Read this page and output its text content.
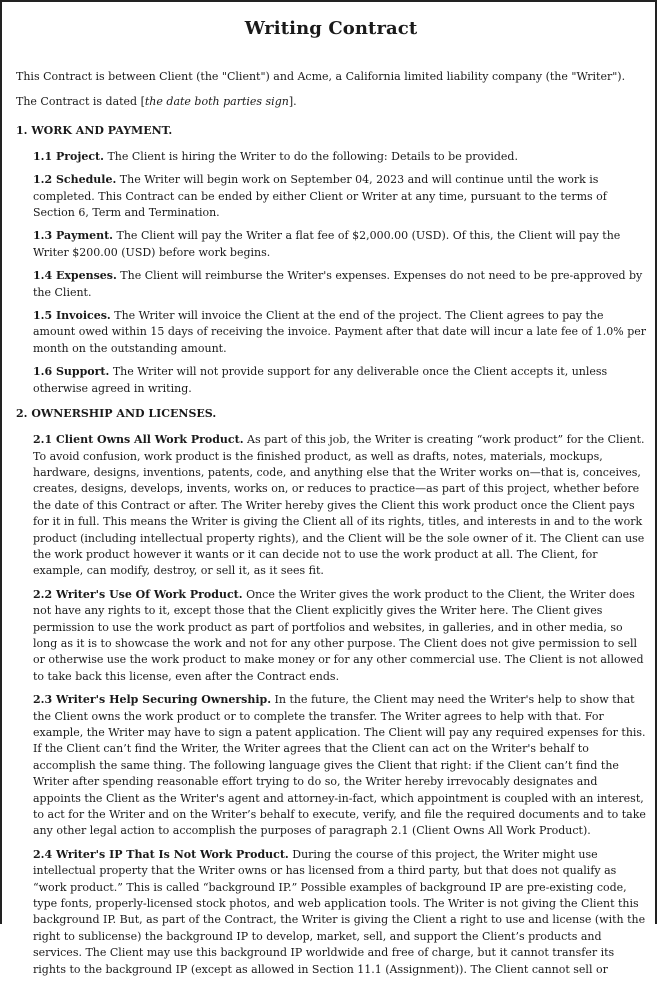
Writing Contract

This Contract is between Client (the "Client") and Acme, a California limited liability company (the "Writer").

The Contract is dated [the date both parties sign].

1. WORK AND PAYMENT.

1.1 Project. The Client is hiring the Writer to do the following: Details to be provided.

1.2 Schedule. The Writer will begin work on September 04, 2023 and will continue until the work is completed. This Contract can be ended by either Client or Writer at any time, pursuant to the terms of Section 6, Term and Termination.

1.3 Payment. The Client will pay the Writer a flat fee of $2,000.00 (USD). Of this, the Client will pay the Writer $200.00 (USD) before work begins.

1.4 Expenses. The Client will reimburse the Writer's expenses. Expenses do not need to be pre-approved by the Client.

1.5 Invoices. The Writer will invoice the Client at the end of the project. The Client agrees to pay the amount owed within 15 days of receiving the invoice. Payment after that date will incur a late fee of 1.0% per month on the outstanding amount.

1.6 Support. The Writer will not provide support for any deliverable once the Client accepts it, unless otherwise agreed in writing.

2. OWNERSHIP AND LICENSES.

2.1 Client Owns All Work Product. As part of this job, the Writer is creating “work product” for the Client. To avoid confusion, work product is the finished product, as well as drafts, notes, materials, mockups, hardware, designs, inventions, patents, code, and anything else that the Writer works on—that is, conceives, creates, designs, develops, invents, works on, or reduces to practice—as part of this project, whether before the date of this Contract or after. The Writer hereby gives the Client this work product once the Client pays for it in full. This means the Writer is giving the Client all of its rights, titles, and interests in and to the work product (including intellectual property rights), and the Client will be the sole owner of it. The Client can use the work product however it wants or it can decide not to use the work product at all. The Client, for example, can modify, destroy, or sell it, as it sees fit.

2.2 Writer's Use Of Work Product. Once the Writer gives the work product to the Client, the Writer does not have any rights to it, except those that the Client explicitly gives the Writer here. The Client gives permission to use the work product as part of portfolios and websites, in galleries, and in other media, so long as it is to showcase the work and not for any other purpose. The Client does not give permission to sell or otherwise use the work product to make money or for any other commercial use. The Client is not allowed to take back this license, even after the Contract ends.

2.3 Writer's Help Securing Ownership. In the future, the Client may need the Writer's help to show that the Client owns the work product or to complete the transfer. The Writer agrees to help with that. For example, the Writer may have to sign a patent application. The Client will pay any required expenses for this. If the Client can’t find the Writer, the Writer agrees that the Client can act on the Writer's behalf to accomplish the same thing. The following language gives the Client that right: if the Client can’t find the Writer after spending reasonable effort trying to do so, the Writer hereby irrevocably designates and appoints the Client as the Writer's agent and attorney-in-fact, which appointment is coupled with an interest, to act for the Writer and on the Writer’s behalf to execute, verify, and file the required documents and to take any other legal action to accomplish the purposes of paragraph 2.1 (Client Owns All Work Product).

2.4 Writer's IP That Is Not Work Product. During the course of this project, the Writer might use intellectual property that the Writer owns or has licensed from a third party, but that does not qualify as “work product.” This is called “background IP.” Possible examples of background IP are pre-existing code, type fonts, properly-licensed stock photos, and web application tools. The Writer is not giving the Client this background IP. But, as part of the Contract, the Writer is giving the Client a right to use and license (with the right to sublicense) the background IP to develop, market, sell, and support the Client’s products and services. The Client may use this background IP worldwide and free of charge, but it cannot transfer its rights to the background IP (except as allowed in Section 11.1 (Assignment)). The Client cannot sell or
